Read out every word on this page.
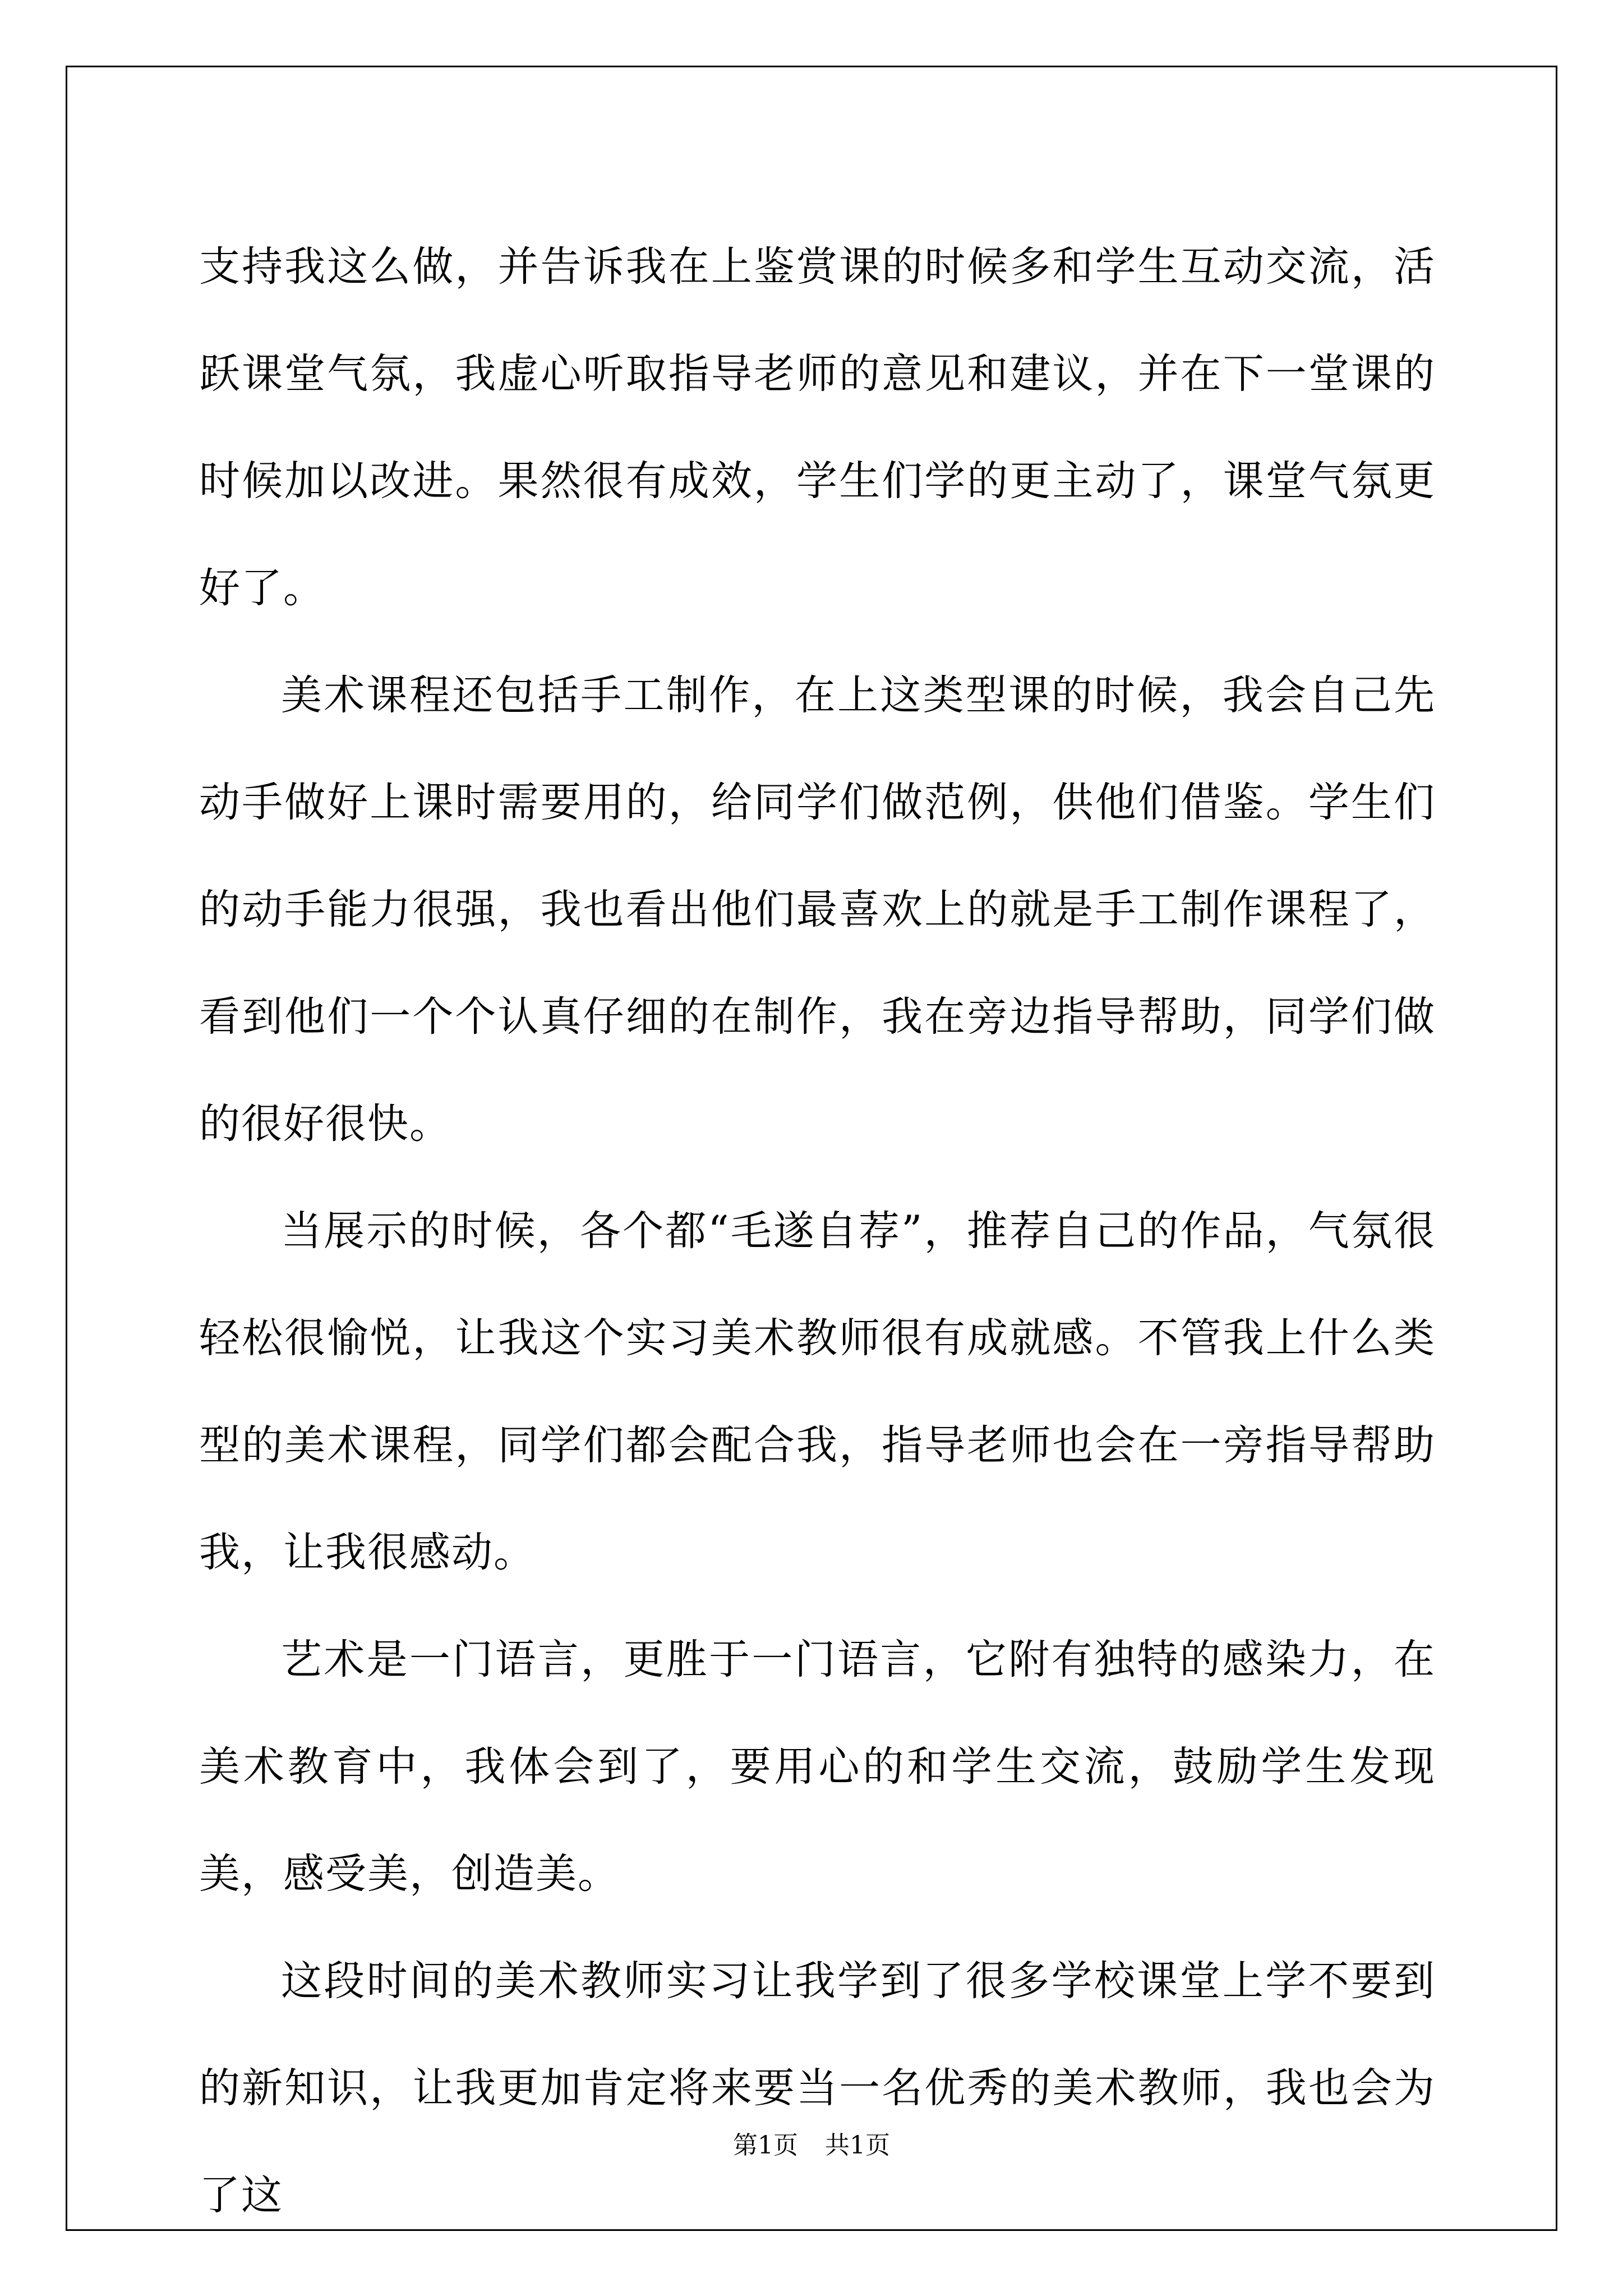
支持我这么做，并告诉我在上鉴赏课的时候多和学生互动交流，活跃课堂气氛，我虚心听取指导老师的意见和建议，并在下一堂课的时候加以改进。果然很有成效，学生们学的更主动了，课堂气氛更好了。

美术课程还包括手工制作，在上这类型课的时候，我会自己先动手做好上课时需要用的，给同学们做范例，供他们借鉴。学生们的动手能力很强，我也看出他们最喜欢上的就是手工制作课程了，看到他们一个个认真仔细的在制作，我在旁边指导帮助，同学们做的很好很快。

当展示的时候，各个都“毛遂自荐”，推荐自己的作品，气氛很轻松很愉悦，让我这个实习美术教师很有成就感。不管我上什么类型的美术课程，同学们都会配合我，指导老师也会在一旁指导帮助我，让我很感动。

艺术是一门语言，更胜于一门语言，它附有独特的感染力，在美术教育中，我体会到了，要用心的和学生交流，鼓励学生发现美，感受美，创造美。

这段时间的美术教师实习让我学到了很多学校课堂上学不要到的新知识，让我更加肯定将来要当一名优秀的美术教师，我也会为了这

第1页 共1页
